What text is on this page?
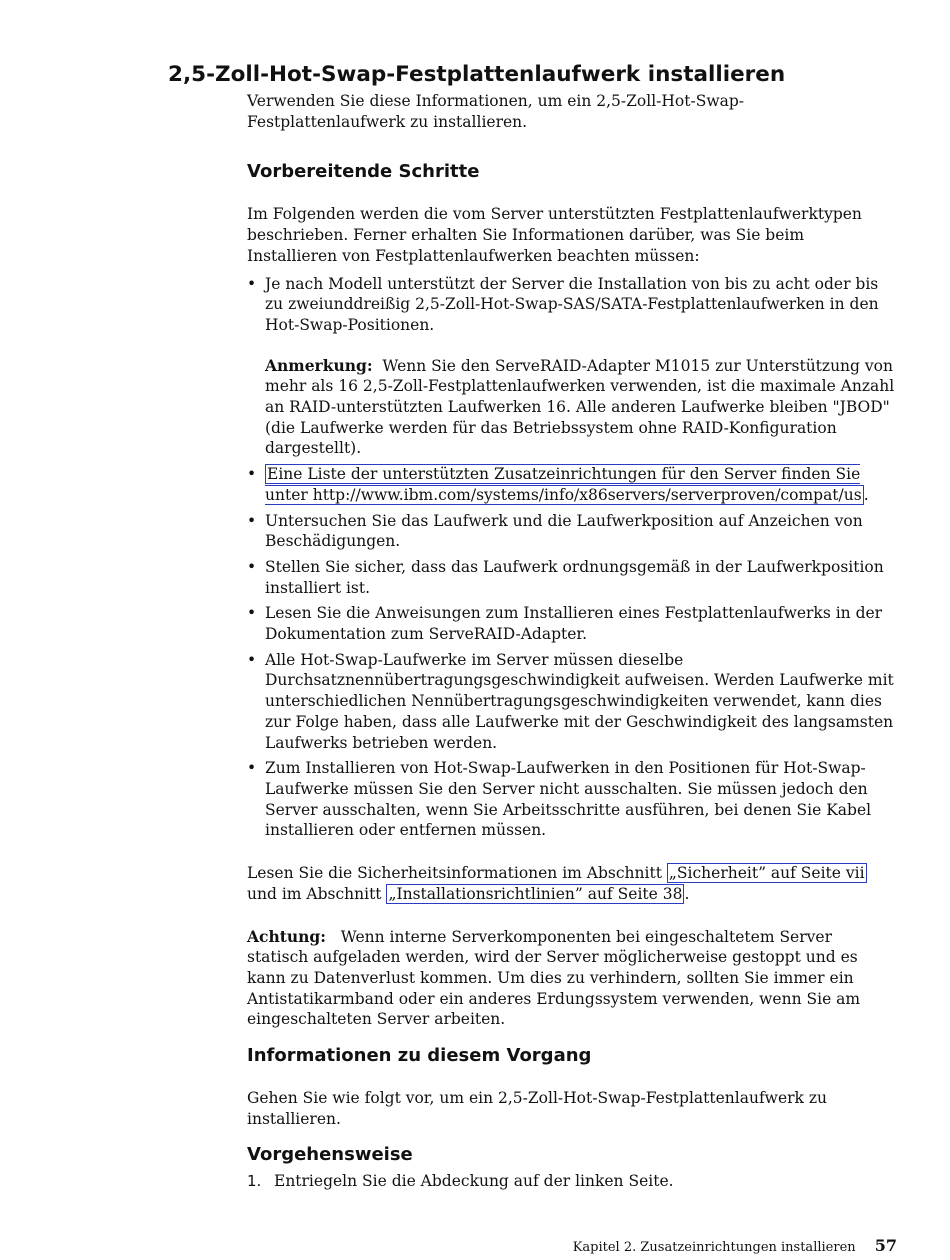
2,5-Zoll-Hot-Swap-Festplattenlaufwerk installieren

Verwenden Sie diese Informationen, um ein 2,5-Zoll-Hot-Swap-Festplattenlaufwerk zu installieren.

Vorbereitende Schritte

Im Folgenden werden die vom Server unterstützten Festplattenlaufwerktypen beschrieben. Ferner erhalten Sie Informationen darüber, was Sie beim Installieren von Festplattenlaufwerken beachten müssen:

• Je nach Modell unterstützt der Server die Installation von bis zu acht oder bis zu zweiunddreißig 2,5-Zoll-Hot-Swap-SAS/SATA-Festplattenlaufwerken in den Hot-Swap-Positionen.

Anmerkung: Wenn Sie den ServeRAID-Adapter M1015 zur Unterstützung von mehr als 16 2,5-Zoll-Festplattenlaufwerken verwenden, ist die maximale Anzahl an RAID-unterstützten Laufwerken 16. Alle anderen Laufwerke bleiben "JBOD" (die Laufwerke werden für das Betriebssystem ohne RAID-Konfiguration dargestellt).

• Eine Liste der unterstützten Zusatzeinrichtungen für den Server finden Sie unter http://www.ibm.com/systems/info/x86servers/serverproven/compat/us .
• Untersuchen Sie das Laufwerk und die Laufwerkposition auf Anzeichen von Beschädigungen.
• Stellen Sie sicher, dass das Laufwerk ordnungsgemäß in der Laufwerkposition installiert ist.
• Lesen Sie die Anweisungen zum Installieren eines Festplattenlaufwerks in der Dokumentation zum ServeRAID-Adapter.
• Alle Hot-Swap-Laufwerke im Server müssen dieselbe Durchsatznennübertragungsgeschwindigkeit aufweisen. Werden Laufwerke mit unterschiedlichen Nennübertragungsgeschwindigkeiten verwendet, kann dies zur Folge haben, dass alle Laufwerke mit der Geschwindigkeit des langsamsten Laufwerks betrieben werden.
• Zum Installieren von Hot-Swap-Laufwerken in den Positionen für Hot-Swap-Laufwerke müssen Sie den Server nicht ausschalten. Sie müssen jedoch den Server ausschalten, wenn Sie Arbeitsschritte ausführen, bei denen Sie Kabel installieren oder entfernen müssen.

Lesen Sie die Sicherheitsinformationen im Abschnitt „Sicherheit” auf Seite vii und im Abschnitt „Installationsrichtlinien” auf Seite 38 .

Achtung: Wenn interne Serverkomponenten bei eingeschaltetem Server statisch aufgeladen werden, wird der Server möglicherweise gestoppt und es kann zu Datenverlust kommen. Um dies zu verhindern, sollten Sie immer ein Antistatikarmband oder ein anderes Erdungssystem verwenden, wenn Sie am eingeschalteten Server arbeiten.

Informationen zu diesem Vorgang

Gehen Sie wie folgt vor, um ein 2,5-Zoll-Hot-Swap-Festplattenlaufwerk zu installieren.

Vorgehensweise
1. Entriegeln Sie die Abdeckung auf der linken Seite.
Kapitel 2. Zusatzeinrichtungen installieren 57
